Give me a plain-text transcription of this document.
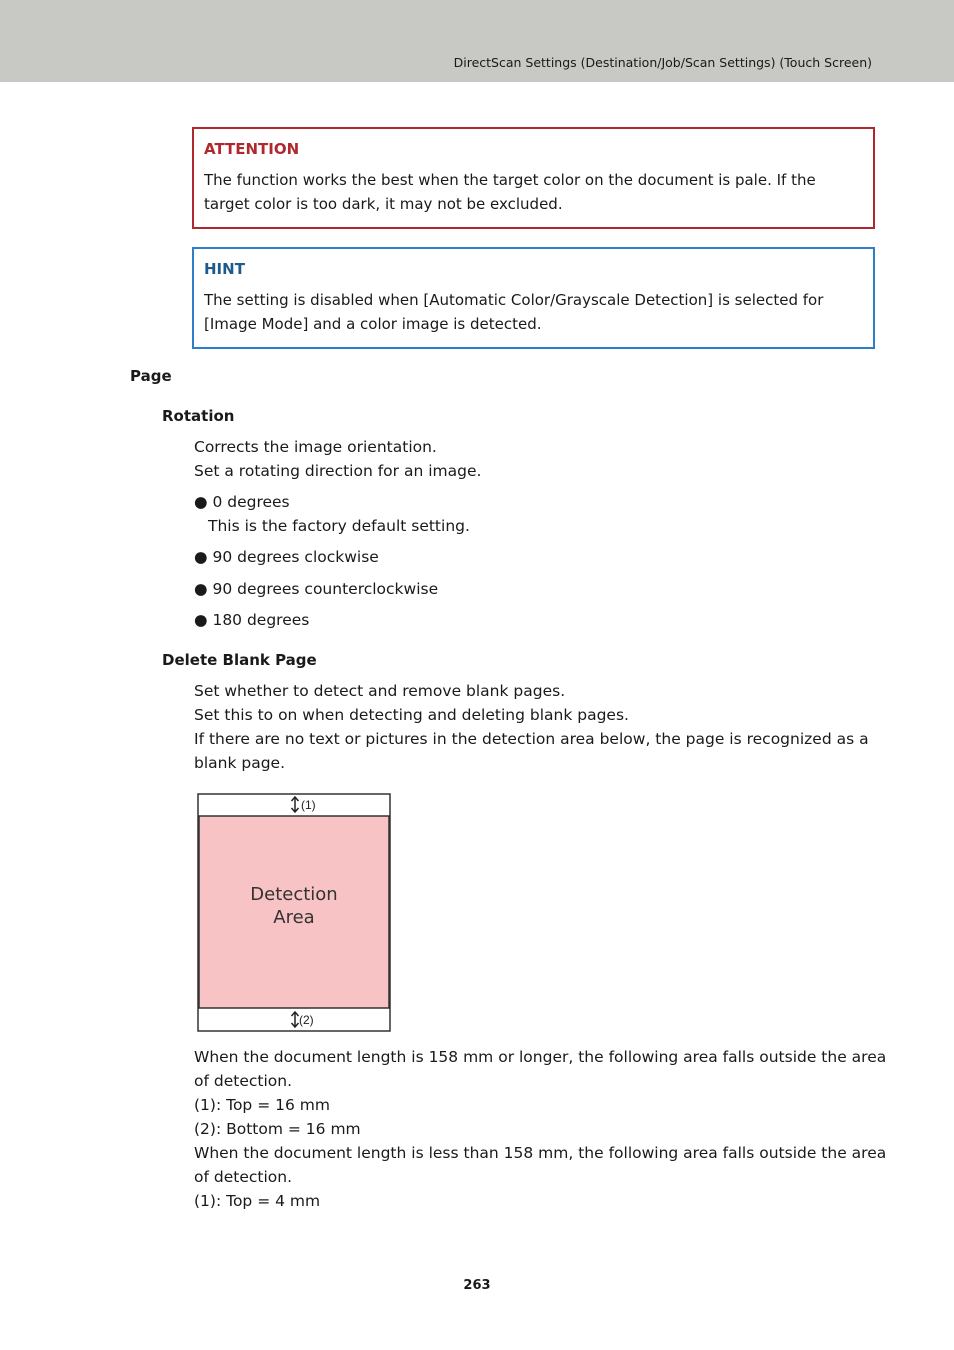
DirectScan Settings (Destination/Job/Scan Settings) (Touch Screen)
ATTENTION
The function works the best when the target color on the document is pale. If the
target color is too dark, it may not be excluded.
HINT
The setting is disabled when [Automatic Color/Grayscale Detection] is selected for
[Image Mode] and a color image is detected.
Page
Rotation
Corrects the image orientation.
Set a rotating direction for an image.
● 0 degrees
This is the factory default setting.
● 90 degrees clockwise
● 90 degrees counterclockwise
● 180 degrees
Delete Blank Page
Set whether to detect and remove blank pages.
Set this to on when detecting and deleting blank pages.
If there are no text or pictures in the detection area below, the page is recognized as a
blank page.
(1)
Detection
Area
(2)
When the document length is 158 mm or longer, the following area falls outside the area
of detection.
(1): Top = 16 mm
(2): Bottom = 16 mm
When the document length is less than 158 mm, the following area falls outside the area
of detection.
(1): Top = 4 mm
263
